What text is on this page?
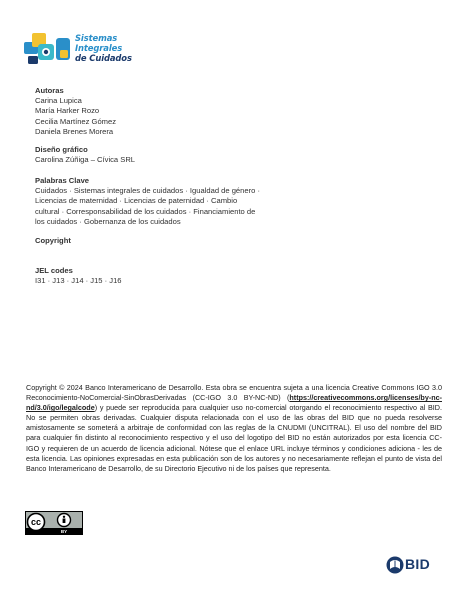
Sistemas
Integrales
de Cuidados
Autoras
Carina Lupica
María Harker Rozo
Cecilia Martínez Gómez
Daniela Brenes Morera
Diseño gráfico
Carolina Zúñiga – Cívica SRL
Palabras Clave
Cuidados · Sistemas integrales de cuidados · Igualdad de género ·
Licencias de maternidad · Licencias de paternidad · Cambio
cultural · Corresponsabilidad de los cuidados · Financiamiento de
los cuidados · Gobernanza de los cuidados
Copyright
JEL codes
I31 · J13 · J14 · J15 · J16
Copyright © 2024 Banco Interamericano de Desarrollo. Esta obra se encuentra sujeta a una licencia Creative Commons IGO 3.0 Reconocimiento-NoComercial-SinObrasDerivadas (CC-IGO 3.0 BY-NC-ND) (https://creativecommons.org/licenses/by-nc-nd/3.0/igo/legalcode) y puede ser reproducida para cualquier uso no-comercial otorgando el reconocimiento respectivo al BID. No se permiten obras derivadas. Cualquier disputa relacionada con el uso de las obras del BID que no pueda resolverse amistosamente se someterá a arbitraje de conformidad con las reglas de la CNUDMI (UNCITRAL). El uso del nombre del BID para cualquier fin distinto al reconocimiento respectivo y el uso del logotipo del BID no están autorizados por esta licencia CC- IGO y requieren de un acuerdo de licencia adicional. Nótese que el enlace URL incluye términos y condiciones adiciona - les de esta licencia. Las opiniones expresadas en esta publicación son de los autores y no necesariamente reflejan el punto de vista del Banco Interamericano de Desarrollo, de su Directorio Ejecutivo ni de los países que representa.
cc
BY
BID
